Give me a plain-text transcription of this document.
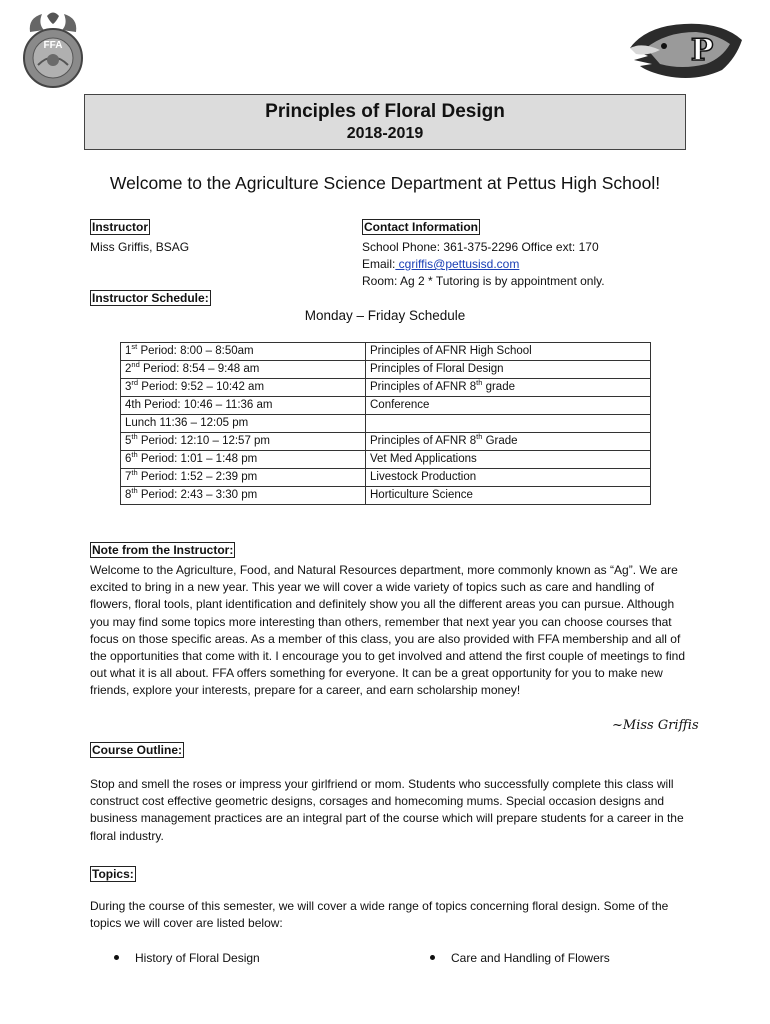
FFA	P
Principles of Floral Design
2018-2019
Welcome to the Agriculture Science Department at Pettus High School!
Instructor
Miss Griffis, BSAG
Contact Information
School Phone: 361-375-2296 Office ext: 170
Email: cgriffis@pettusisd.com
Room: Ag 2 * Tutoring is by appointment only.
Instructor Schedule:
Monday – Friday Schedule
1st Period: 8:00 – 8:50am	Principles of AFNR High School
2nd Period: 8:54 – 9:48 am	Principles of Floral Design
3rd Period: 9:52 – 10:42 am	Principles of AFNR 8th grade
4th Period: 10:46 – 11:36 am	Conference
Lunch 11:36 – 12:05 pm	
5th Period: 12:10 – 12:57 pm	Principles of AFNR 8th Grade
6th Period: 1:01 – 1:48 pm	Vet Med Applications
7th Period: 1:52 – 2:39 pm	Livestock Production
8th Period: 2:43 – 3:30 pm	Horticulture Science
Note from the Instructor:
Welcome to the Agriculture, Food, and Natural Resources department, more commonly known as “Ag”. We are excited to bring in a new year. This year we will cover a wide variety of topics such as care and handling of flowers, floral tools, plant identification and definitely show you all the different areas you can pursue. Although you may find some topics more interesting than others, remember that next year you can choose courses that focus on those specific areas. As a member of this class, you are also provided with FFA membership and all of the opportunities that come with it. I encourage you to get involved and attend the first couple of meetings to find out what it is all about. FFA offers something for everyone. It can be a great opportunity for you to make new friends, explore your interests, prepare for a career, and earn scholarship money!
~Miss Griffis
Course Outline:
Stop and smell the roses or impress your girlfriend or mom. Students who successfully complete this class will construct cost effective geometric designs, corsages and homecoming mums. Special occasion designs and business management practices are an integral part of the course which will prepare students for a career in the floral industry.
Topics:
During the course of this semester, we will cover a wide range of topics concerning floral design. Some of the topics we will cover are listed below:
History of Floral Design	Care and Handling of Flowers
